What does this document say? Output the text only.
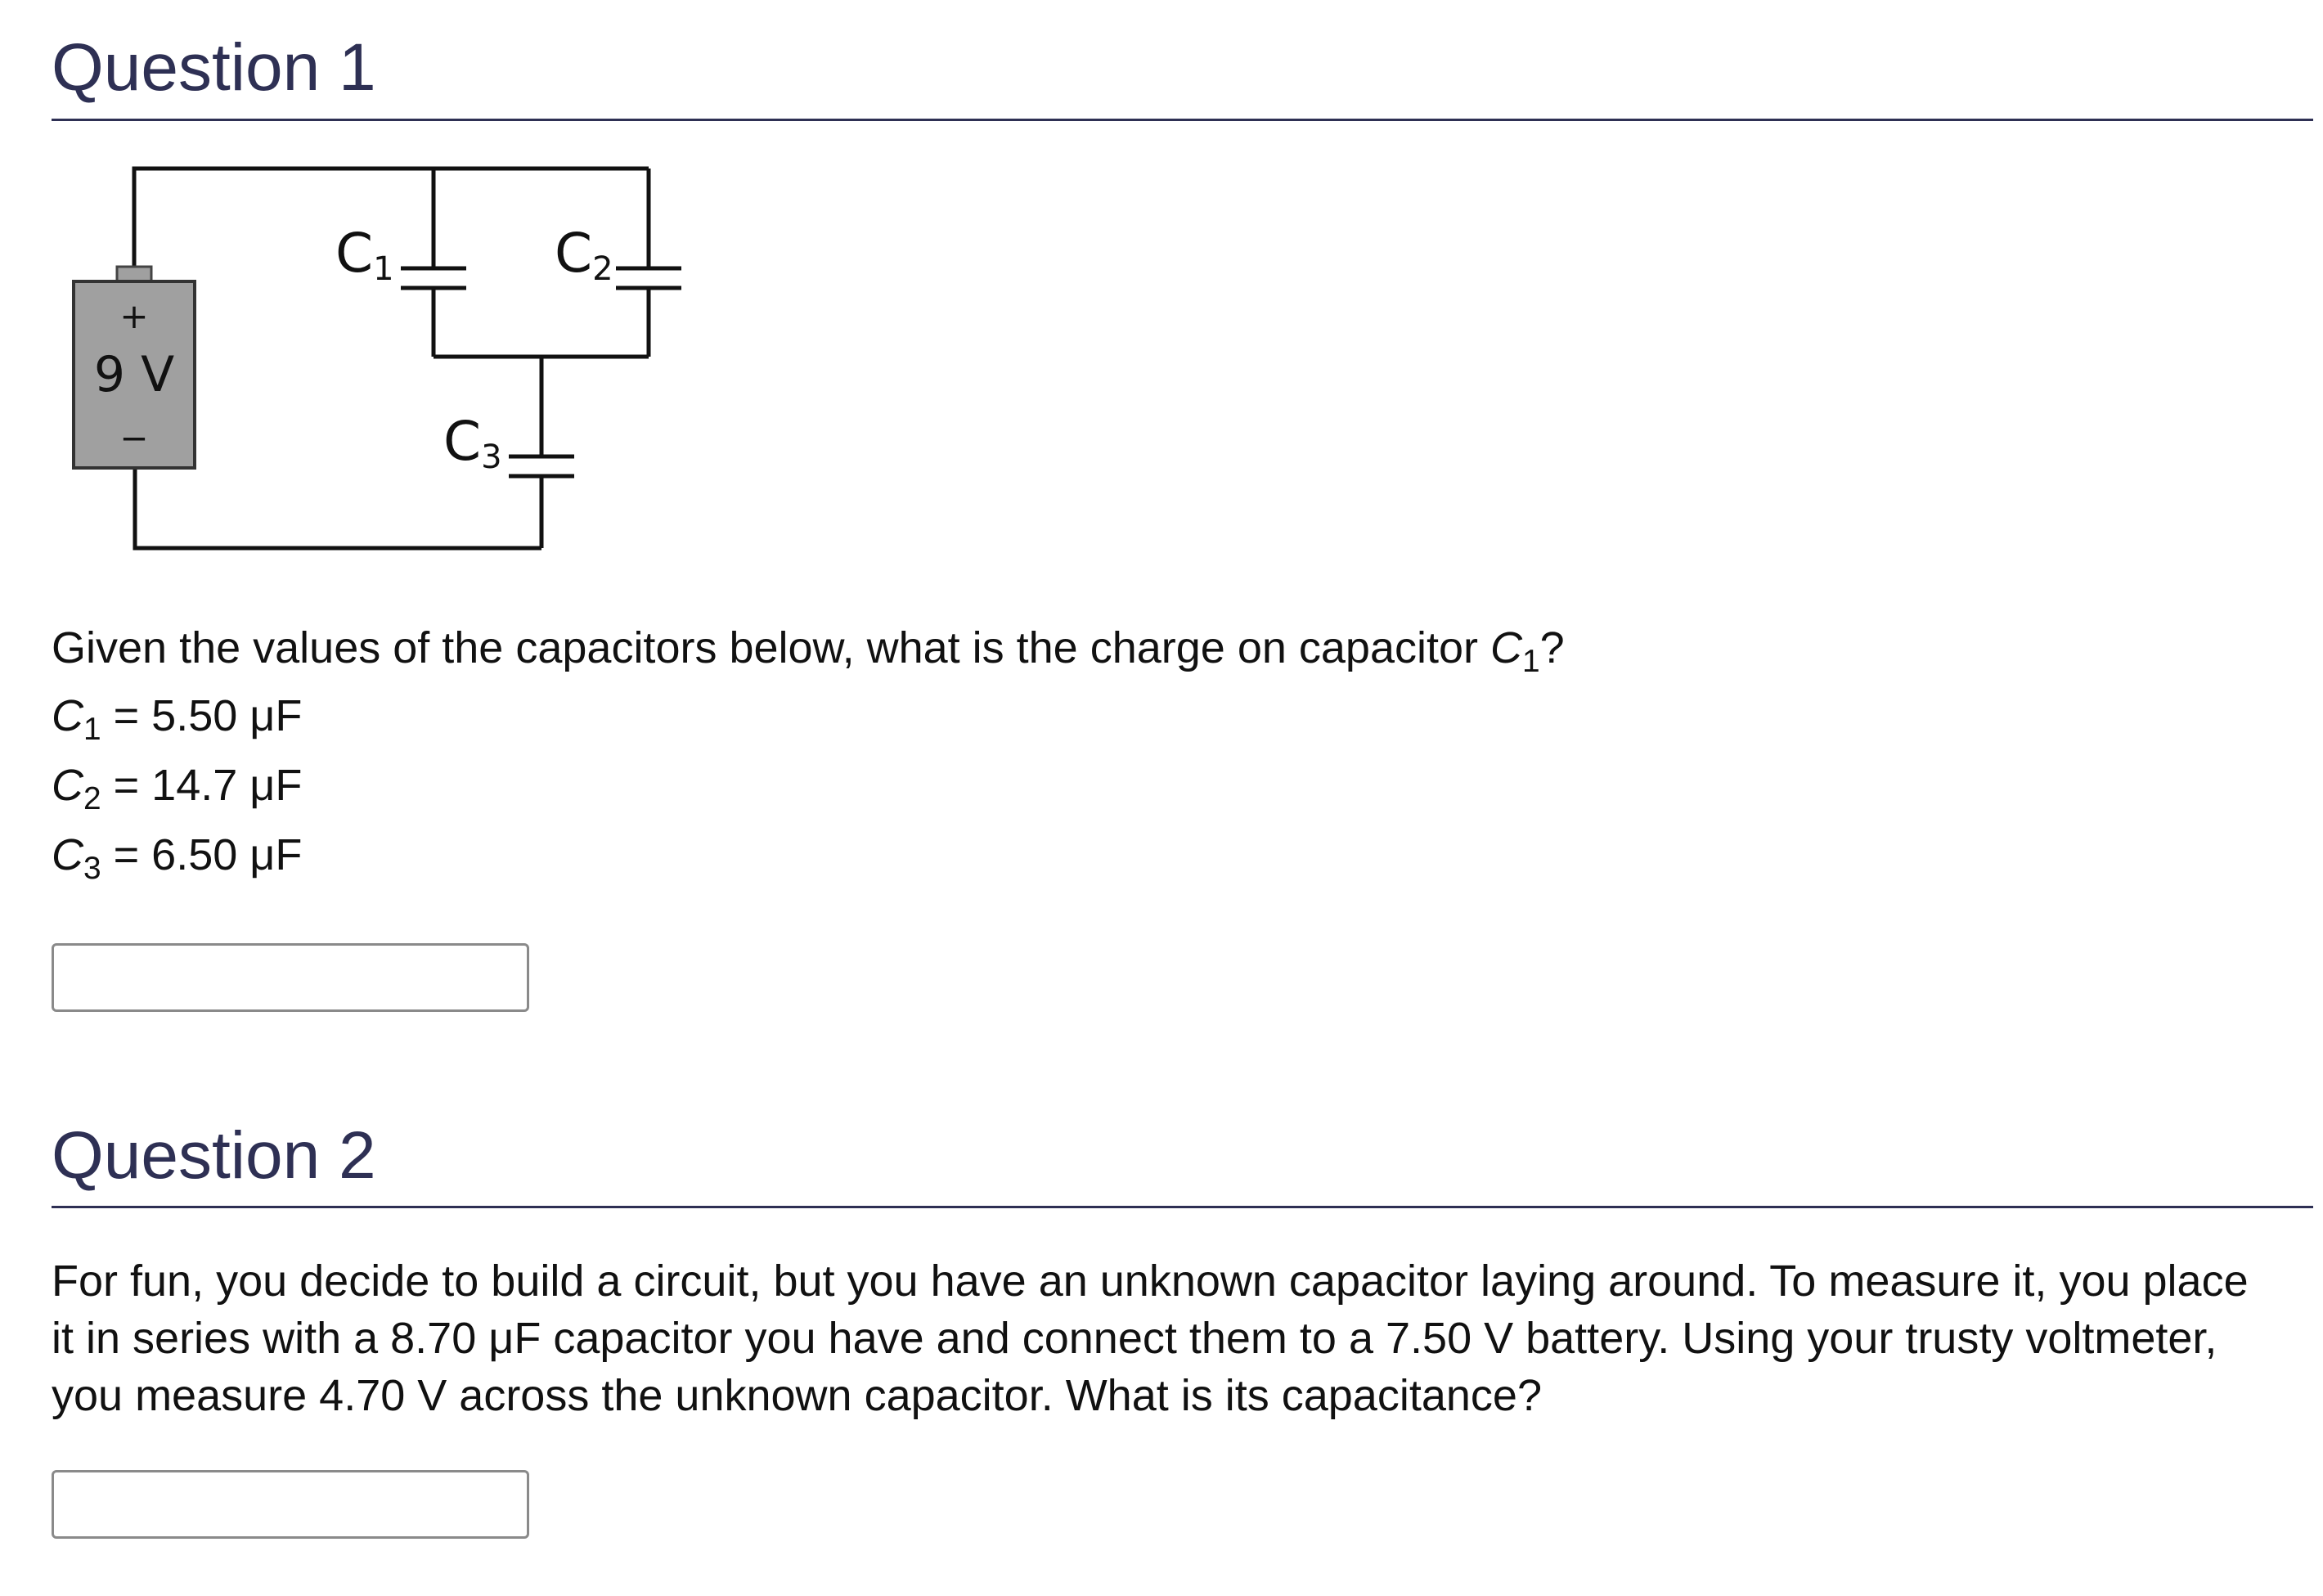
Question 1
+
9 V
−
C1	C2
C3

Given the values of the capacitors below, what is the charge on capacitor $C_1$?

$C_1 = 5.50$ μF

$C_2 = 14.7$ μF

$C_3 = 6.50$ μF

Question 2

For fun, you decide to build a circuit, but you have an unknown capacitor laying around. To measure it, you place
it in series with a 8.70 μF capacitor you have and connect them to a 7.50 V battery. Using your trusty voltmeter,
you measure 4.70 V across the unknown capacitor. What is its capacitance?
